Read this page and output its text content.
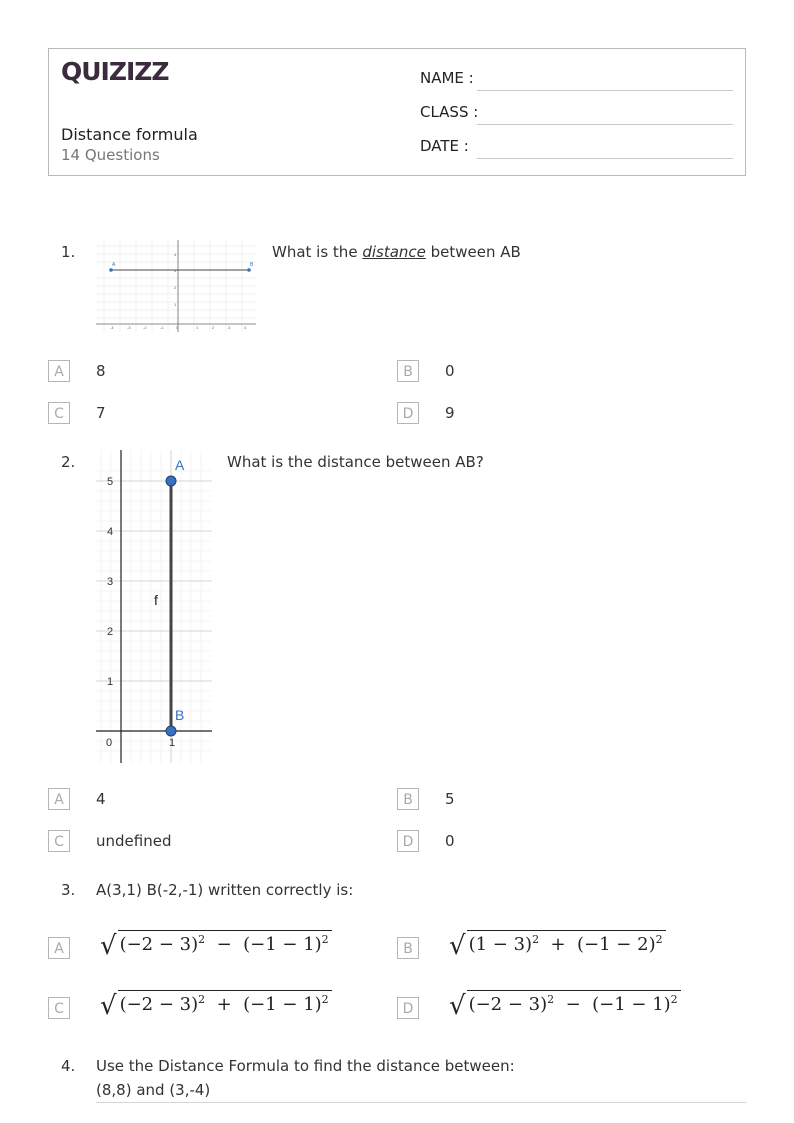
QUIZIZZ
Distance formula
14 Questions
NAME :
CLASS :
DATE :
1.
A	B
4
3
2
1
-4	-3	-2	-1	0	1	2	3	4
What is the distance between AB
A	8	B	0
C	7	D	9
2.	A
B
f
5
4
3
2
1
0	1
What is the distance between AB?
A	4	B	5
C	undefined	D	0
3. A(3,1) B(-2,-1) written correctly is:
A √ $(-2 - 3)^2 - (-1 - 1)^2$
B √ $(1 - 3)^2 + (-1 - 2)^2$
C √ $(-2 - 3)^2 + (-1 - 1)^2$
D √ $(-2 - 3)^2 - (-1 - 1)^2$
4. Use the Distance Formula to find the distance between:
(8,8) and (3,-4)
